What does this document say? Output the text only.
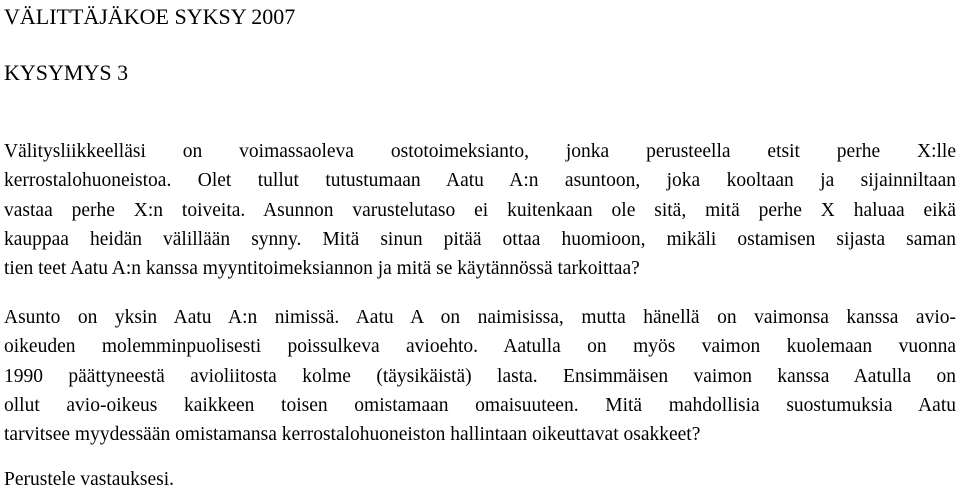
VÄLITTÄJÄKOE SYKSY 2007
KYSYMYS 3
Välitysliikkeelläsi on voimassaoleva ostotoimeksianto, jonka perusteella etsit perhe X:lle
kerrostalohuoneistoa. Olet tullut tutustumaan Aatu A:n asuntoon, joka kooltaan ja sijainniltaan
vastaa perhe X:n toiveita. Asunnon varustelutaso ei kuitenkaan ole sitä, mitä perhe X haluaa eikä
kauppaa heidän välillään synny. Mitä sinun pitää ottaa huomioon, mikäli ostamisen sijasta saman
tien teet Aatu A:n kanssa myyntitoimeksiannon ja mitä se käytännössä tarkoittaa?
Asunto on yksin Aatu A:n nimissä. Aatu A on naimisissa, mutta hänellä on vaimonsa kanssa avio-
oikeuden molemminpuolisesti poissulkeva avioehto. Aatulla on myös vaimon kuolemaan vuonna
1990 päättyneestä avioliitosta kolme (täysikäistä) lasta. Ensimmäisen vaimon kanssa Aatulla on
ollut avio-oikeus kaikkeen toisen omistamaan omaisuuteen. Mitä mahdollisia suostumuksia Aatu
tarvitsee myydessään omistamansa kerrostalohuoneiston hallintaan oikeuttavat osakkeet?
Perustele vastauksesi.
